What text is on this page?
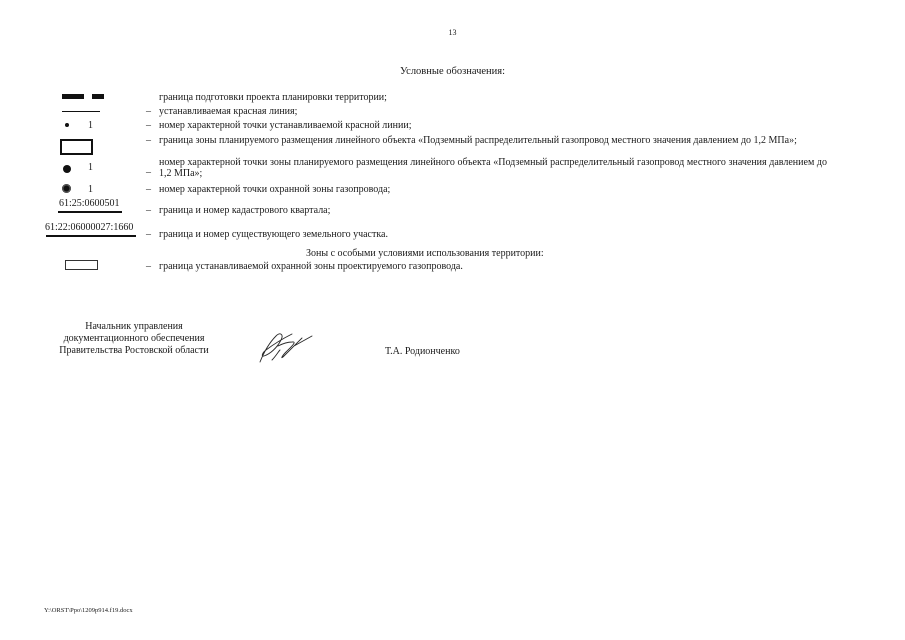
13
Условные обозначения:
граница подготовки проекта планировки территории;
– устанавливаемая красная линия;
1	– номер характерной точки устанавливаемой красной линии;
– граница зоны планируемого размещения линейного объекта «Подземный распределительный газопровод местного значения давлением до 1,2 МПа»;
1	–
номер характерной точки зоны планируемого размещения линейного объекта «Подземный распределительный газопровод местного значения давлением до 1,2 МПа»;
1	– номер характерной точки охранной зоны газопровода;
61:25:0600501
– граница и номер кадастрового квартала;
61:22:06000027:1660
– граница и номер существующего земельного участка.
Зоны с особыми условиями использования территории:
– граница устанавливаемой охранной зоны проектируемого газопровода.
Начальник управления
документационного обеспечения
Правительства Ростовской области	Т.А. Родионченко
Y:\ORST\Ppo\1209p914.f19.docx
